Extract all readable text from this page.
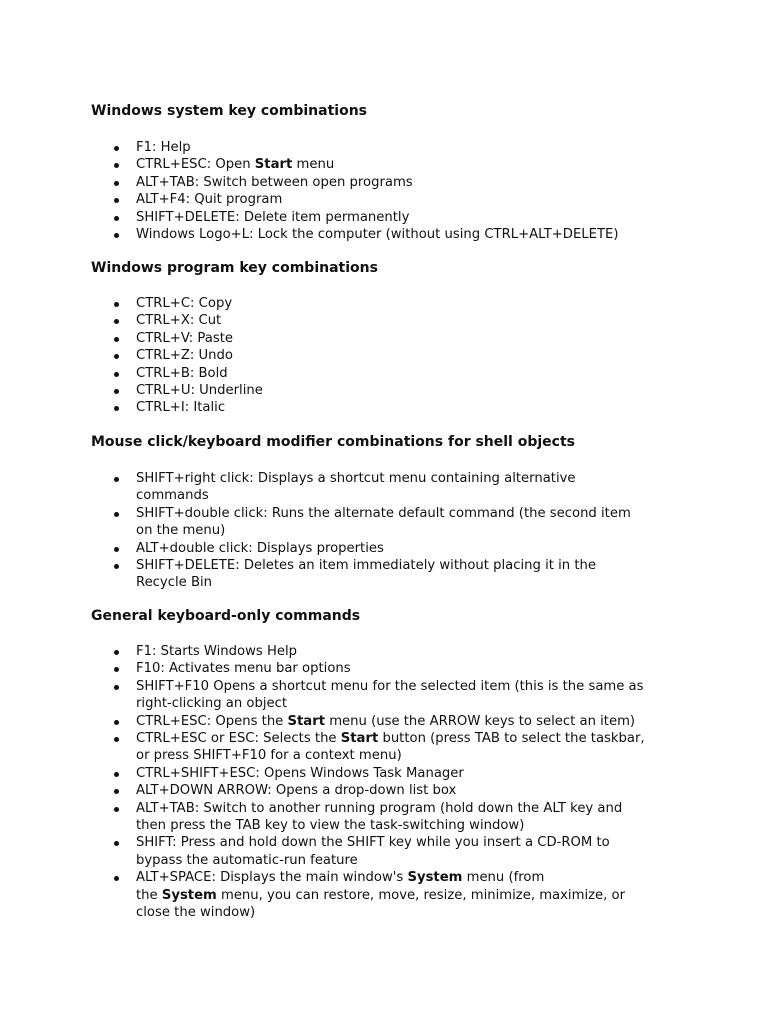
Windows system key combinations
F1: Help
CTRL+ESC: Open Start menu
ALT+TAB: Switch between open programs
ALT+F4: Quit program
SHIFT+DELETE: Delete item permanently
Windows Logo+L: Lock the computer (without using CTRL+ALT+DELETE)
Windows program key combinations
CTRL+C: Copy
CTRL+X: Cut
CTRL+V: Paste
CTRL+Z: Undo
CTRL+B: Bold
CTRL+U: Underline
CTRL+I: Italic
Mouse click/keyboard modifier combinations for shell objects
SHIFT+right click: Displays a shortcut menu containing alternative
commands
SHIFT+double click: Runs the alternate default command (the second item
on the menu)
ALT+double click: Displays properties
SHIFT+DELETE: Deletes an item immediately without placing it in the
Recycle Bin
General keyboard-only commands
F1: Starts Windows Help
F10: Activates menu bar options
SHIFT+F10 Opens a shortcut menu for the selected item (this is the same as
right-clicking an object
CTRL+ESC: Opens the Start menu (use the ARROW keys to select an item)
CTRL+ESC or ESC: Selects the Start button (press TAB to select the taskbar,
or press SHIFT+F10 for a context menu)
CTRL+SHIFT+ESC: Opens Windows Task Manager
ALT+DOWN ARROW: Opens a drop-down list box
ALT+TAB: Switch to another running program (hold down the ALT key and
then press the TAB key to view the task-switching window)
SHIFT: Press and hold down the SHIFT key while you insert a CD-ROM to
bypass the automatic-run feature
ALT+SPACE: Displays the main window's System menu (from
the System menu, you can restore, move, resize, minimize, maximize, or
close the window)
